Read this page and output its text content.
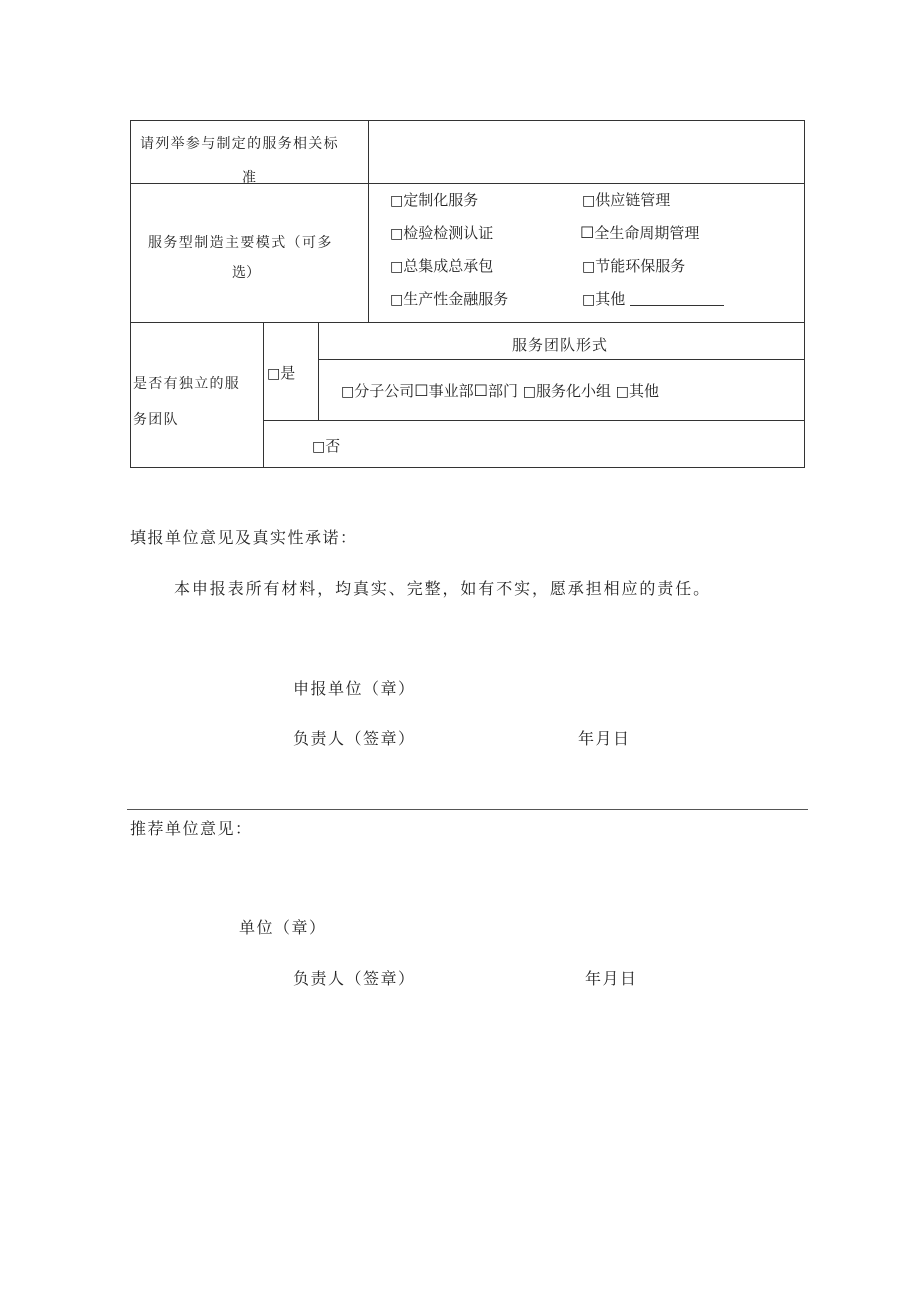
请列举参与制定的服务相关标
准
服务型制造主要模式（可多
选）
□定制化服务	□供应链管理
□检验检测认证	☐全生命周期管理
□总集成总承包	□节能环保服务
□生产性金融服务	□其他
是否有独立的服
务团队
□是
服务团队形式
□分子公司☐事业部☐部门 □服务化小组 □其他
□否
填报单位意见及真实性承诺：
本申报表所有材料，均真实、完整，如有不实，愿承担相应的责任。
申报单位（章）
负责人（签章）	年月日
推荐单位意见：
单位（章）
负责人（签章）	年月日
